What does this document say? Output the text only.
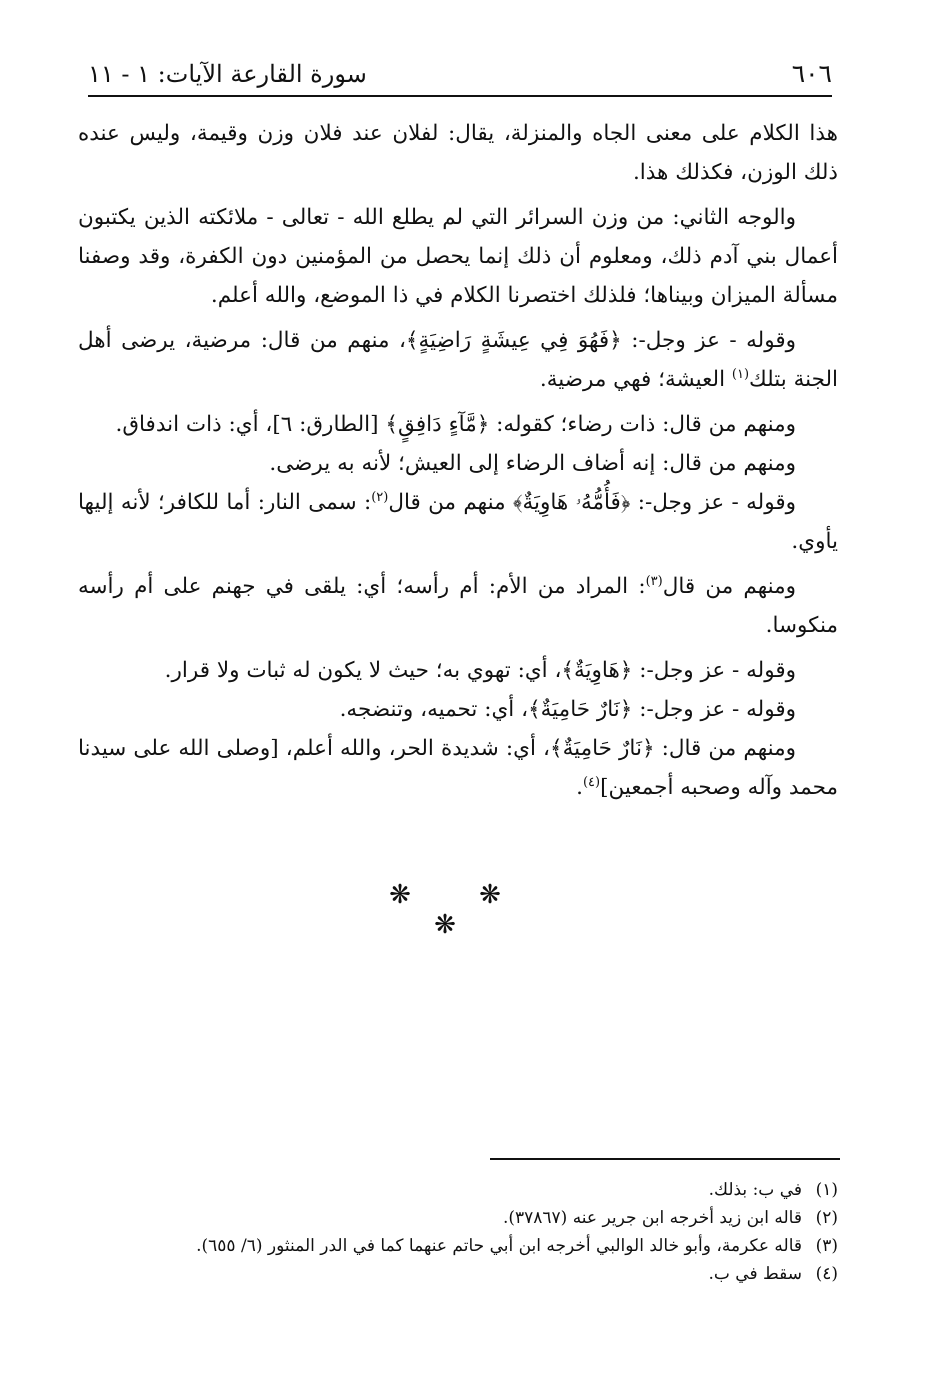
٦٠٦
سورة القارعة الآيات: ١ - ١١

هذا الكلام على معنى الجاه والمنزلة، يقال: لفلان عند فلان وزن وقيمة، وليس عنده ذلك الوزن، فكذلك هذا.

والوجه الثاني: من وزن السرائر التي لم يطلع الله - تعالى - ملائكته الذين يكتبون أعمال بني آدم ذلك، ومعلوم أن ذلك إنما يحصل من المؤمنين دون الكفرة، وقد وصفنا مسألة الميزان وبيناها؛ فلذلك اختصرنا الكلام في ذا الموضع، والله أعلم.

وقوله - عز وجل-: ﴿فَهُوَ فِي عِيشَةٍ رَاضِيَةٍ﴾، منهم من قال: مرضية، يرضى أهل الجنة بتلك$^{(١)}$ العيشة؛ فهي مرضية.

ومنهم من قال: ذات رضاء؛ كقوله: ﴿مَّآءٍ دَافِقٍ﴾ [الطارق: ٦]، أي: ذات اندفاق.

ومنهم من قال: إنه أضاف الرضاء إلى العيش؛ لأنه به يرضى.

وقوله - عز وجل-: ﴿فَأُمُّهُۥ هَاوِيَةٌ﴾ منهم من قال$^{(٢)}$: سمى النار: أما للكافر؛ لأنه إليها يأوي.

ومنهم من قال$^{(٣)}$: المراد من الأم: أم رأسه؛ أي: يلقى في جهنم على أم رأسه منكوسا.

وقوله - عز وجل-: ﴿هَاوِيَةٌ﴾، أي: تهوي به؛ حيث لا يكون له ثبات ولا قرار.

وقوله - عز وجل-: ﴿نَارٌ حَامِيَةٌ﴾، أي: تحميه، وتنضجه.

ومنهم من قال: ﴿نَارٌ حَامِيَةٌ﴾، أي: شديدة الحر، والله أعلم، [وصلى الله على سيدنا محمد وآله وصحبه أجمعين]$^{(٤)}$.

❋ ❋ ❋

(١)في ب: بذلك.

(٢)قاله ابن زيد أخرجه ابن جرير عنه (٣٧٨٦٧).

(٣)قاله عكرمة، وأبو خالد الوالبي أخرجه ابن أبي حاتم عنهما كما في الدر المنثور (٦/ ٦٥٥).

(٤)سقط في ب.
